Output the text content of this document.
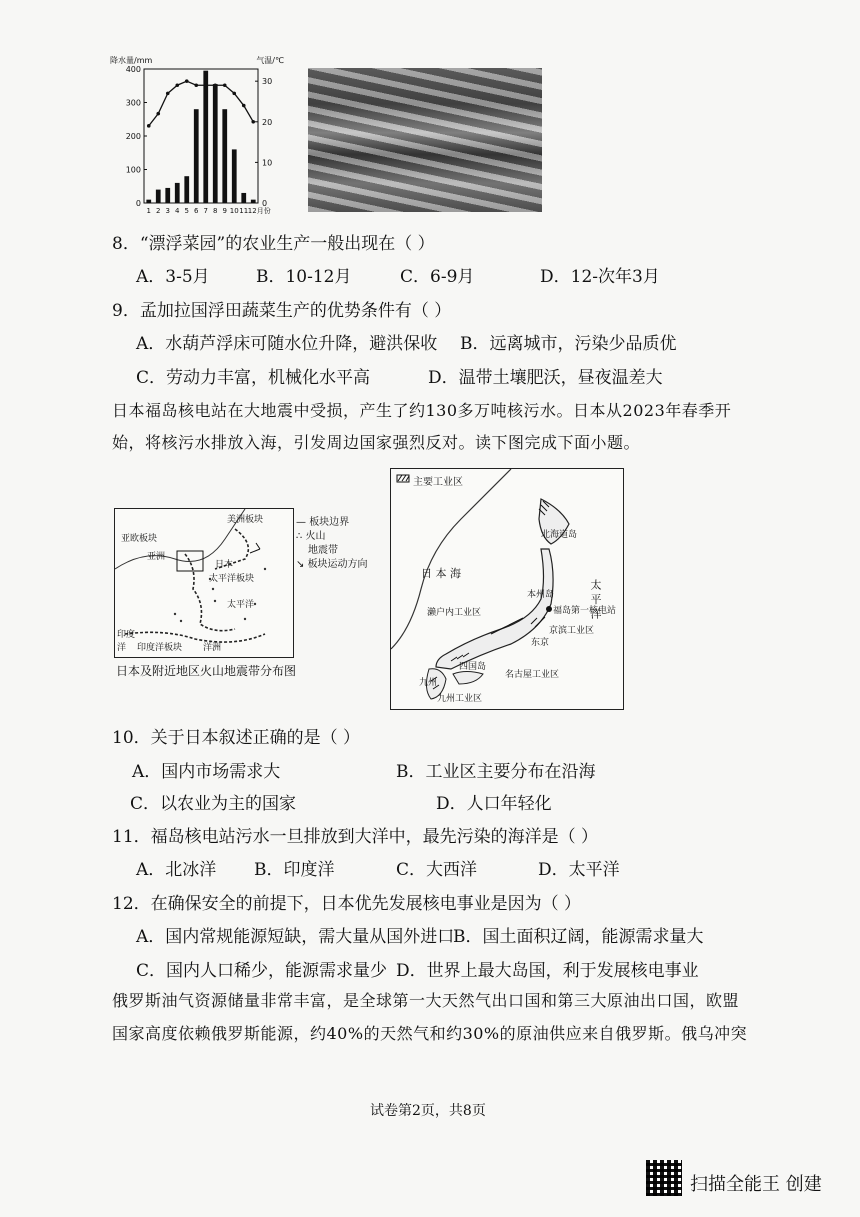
400
300
200
100
0
30
20
10
0
降水量/mm	气温/℃
1 2 3 4 5 6 7 8 9 10 11 12月份
8．“漂浮菜园”的农业生产一般出现在（ ）
A．3-5月	B．10-12月	C．6-9月	D．12-次年3月
9．孟加拉国浮田蔬菜生产的优势条件有（ ）
A．水葫芦浮床可随水位升降，避洪保收 B．远离城市，污染少品质优
C．劳动力丰富，机械化水平高	D．温带土壤肥沃，昼夜温差大
日本福岛核电站在大地震中受损，产生了约130多万吨核污水。日本从2023年春季开
始，将核污水排放入海，引发周边国家强烈反对。读下图完成下面小题。
亚欧板块
亚洲
美洲板块
日本
太平洋板块
太平洋
印度
洋 印度洋板块 洋洲
— 板块边界
∴ 火山
地震带
↘ 板块运动方向
日本及附近地区火山地震带分布图
主要工业区
北海道岛
日 本 海
本州岛
福岛第一核电站
濑户内工业区
京滨工业区
东京
四国岛
名古屋工业区
九州
九州工业区
太 平 洋
10．关于日本叙述正确的是（ ）
A．国内市场需求大	B．工业区主要分布在沿海
C．以农业为主的国家	D．人口年轻化
11．福岛核电站污水一旦排放到大洋中，最先污染的海洋是（ ）
A．北冰洋 B．印度洋	C．大西洋	D．太平洋
12．在确保安全的前提下，日本优先发展核电事业是因为（ ）
A．国内常规能源短缺，需大量从国外进口
B．国土面积辽阔，能源需求量大
C．国内人口稀少，能源需求量少 D．世界上最大岛国，利于发展核电事业
俄罗斯油气资源储量非常丰富，是全球第一大天然气出口国和第三大原油出口国，欧盟
国家高度依赖俄罗斯能源，约40%的天然气和约30%的原油供应来自俄罗斯。俄乌冲突
试卷第2页，共8页
扫描全能王 创建
